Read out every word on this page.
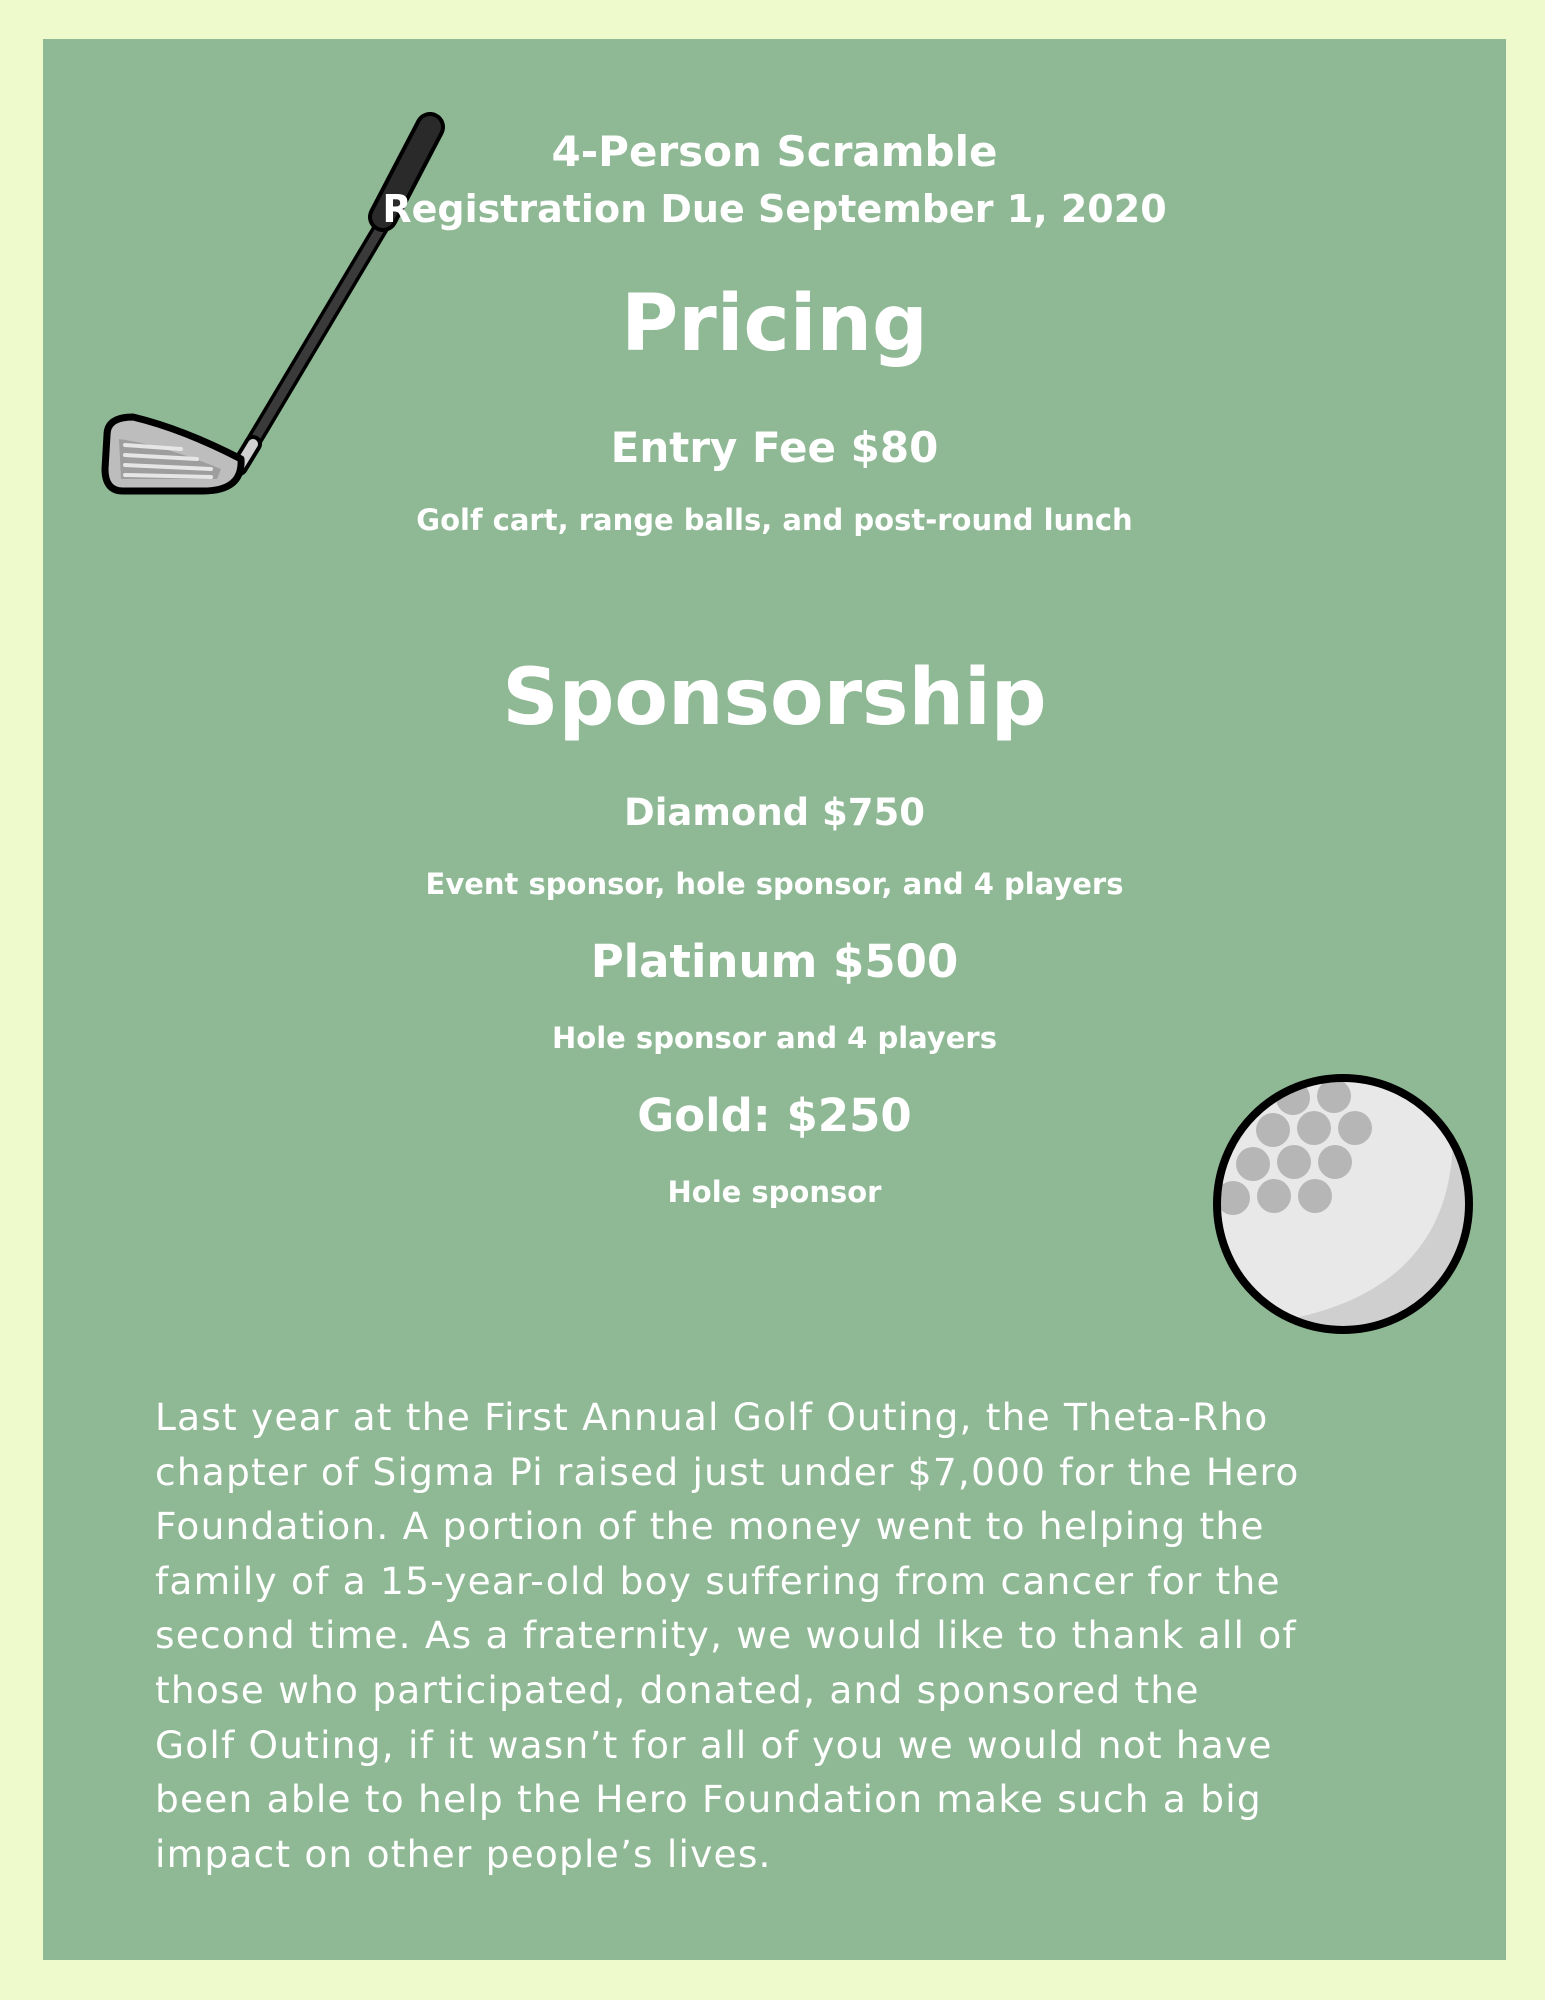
4-Person Scramble

Registration Due September 1, 2020

Pricing

Entry Fee $80

Golf cart, range balls, and post-round lunch

Sponsorship

Diamond $750

Event sponsor, hole sponsor, and 4 players

Platinum $500

Hole sponsor and 4 players

Gold: $250

Hole sponsor

Last year at the First Annual Golf Outing, the Theta-Rho
chapter of Sigma Pi raised just under $7,000 for the Hero
Foundation. A portion of the money went to helping the
family of a 15-year-old boy suffering from cancer for the
second time. As a fraternity, we would like to thank all of
those who participated, donated, and sponsored the
Golf Outing, if it wasn’t for all of you we would not have
been able to help the Hero Foundation make such a big
impact on other people’s lives.
